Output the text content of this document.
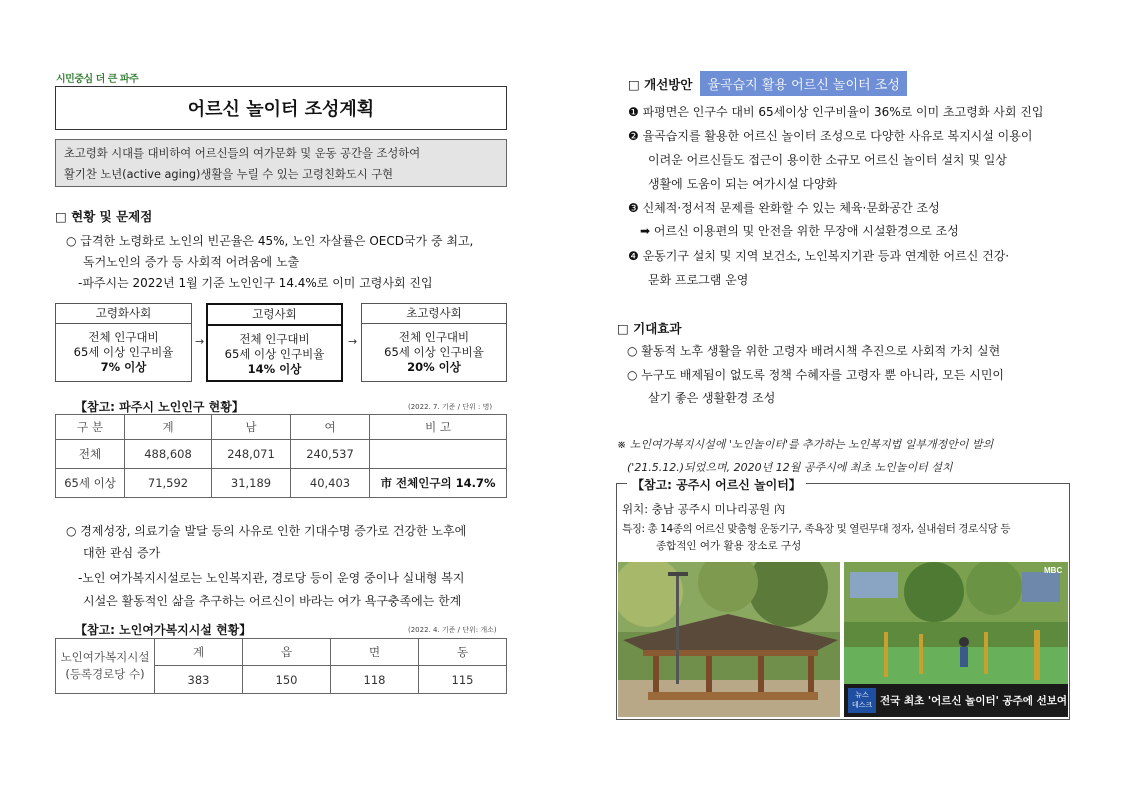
시민중심 더 큰 파주
어르신 놀이터 조성계획
초고령화 시대를 대비하여 어르신들의 여가문화 및 운동 공간을 조성하여
활기찬 노년(active aging)생활을 누릴 수 있는 고령친화도시 구현
□ 현황 및 문제점
○ 급격한 노령화로 노인의 빈곤율은 45%, 노인 자살률은 OECD국가 중 최고,
독거노인의 증가 등 사회적 어려움에 노출
-파주시는 2022년 1월 기준 노인인구 14.4%로 이미 고령사회 진입
고령화사회
전체 인구대비
65세 이상 인구비율
7% 이상
→
고령사회
전체 인구대비
65세 이상 인구비율
14% 이상
→
초고령사회
전체 인구대비
65세 이상 인구비율
20% 이상
【참고: 파주시 노인인구 현황】	(2022. 7. 기준 / 단위 : 명)
구 분	계	남	여	비 고
전체	488,608	248,071	240,537	
65세 이상	71,592	31,189	40,403	市 전체인구의 14.7%
○ 경제성장, 의료기술 발달 등의 사유로 인한 기대수명 증가로 건강한 노후에
대한 관심 증가
-노인 여가복지시설로는 노인복지관, 경로당 등이 운영 중이나 실내형 복지
시설은 활동적인 삶을 추구하는 어르신이 바라는 여가 욕구충족에는 한계
【참고: 노인여가복지시설 현황】	(2022. 4. 기준 / 단위: 개소)
노인여가복지시설
(등록경로당 수)	계	읍	면	동
	383	150	118	115
□ 개선방안	율곡습지 활용 어르신 놀이터 조성
❶ 파평면은 인구수 대비 65세이상 인구비율이 36%로 이미 초고령화 사회 진입
❷ 율곡습지를 활용한 어르신 놀이터 조성으로 다양한 사유로 복지시설 이용이
이려운 어르신들도 접근이 용이한 소규모 어르신 놀이터 설치 및 일상
생활에 도움이 되는 여가시설 다양화
❸ 신체적·정서적 문제를 완화할 수 있는 체육·문화공간 조성
➡ 어르신 이용편의 및 안전을 위한 무장애 시설환경으로 조성
❹ 운동기구 설치 및 지역 보건소, 노인복지기관 등과 연계한 어르신 건강·
문화 프로그램 운영
□ 기대효과
○ 활동적 노후 생활을 위한 고령자 배려시책 추진으로 사회적 가치 실현
○ 누구도 배제됨이 없도록 정책 수혜자를 고령자 뿐 아니라, 모든 시민이
살기 좋은 생활환경 조성
※ 노인여가복지시설에 '노인놀이터'를 추가하는 노인복지법 일부개정안이 발의
('21.5.12.)되었으며, 2020년 12월 공주시에 최초 노인놀이터 설치
【참고: 공주시 어르신 놀이터】
위치: 충남 공주시 미나리공원 內
특징: 총 14종의 어르신 맞춤형 운동기구, 족욕장 및 열린무대 정자, 실내쉼터 경로식당 등
종합적인 여가 활용 장소로 구성
MBC
뉴스
데스크 전국 최초 '어르신 놀이터' 공주에 선보여
